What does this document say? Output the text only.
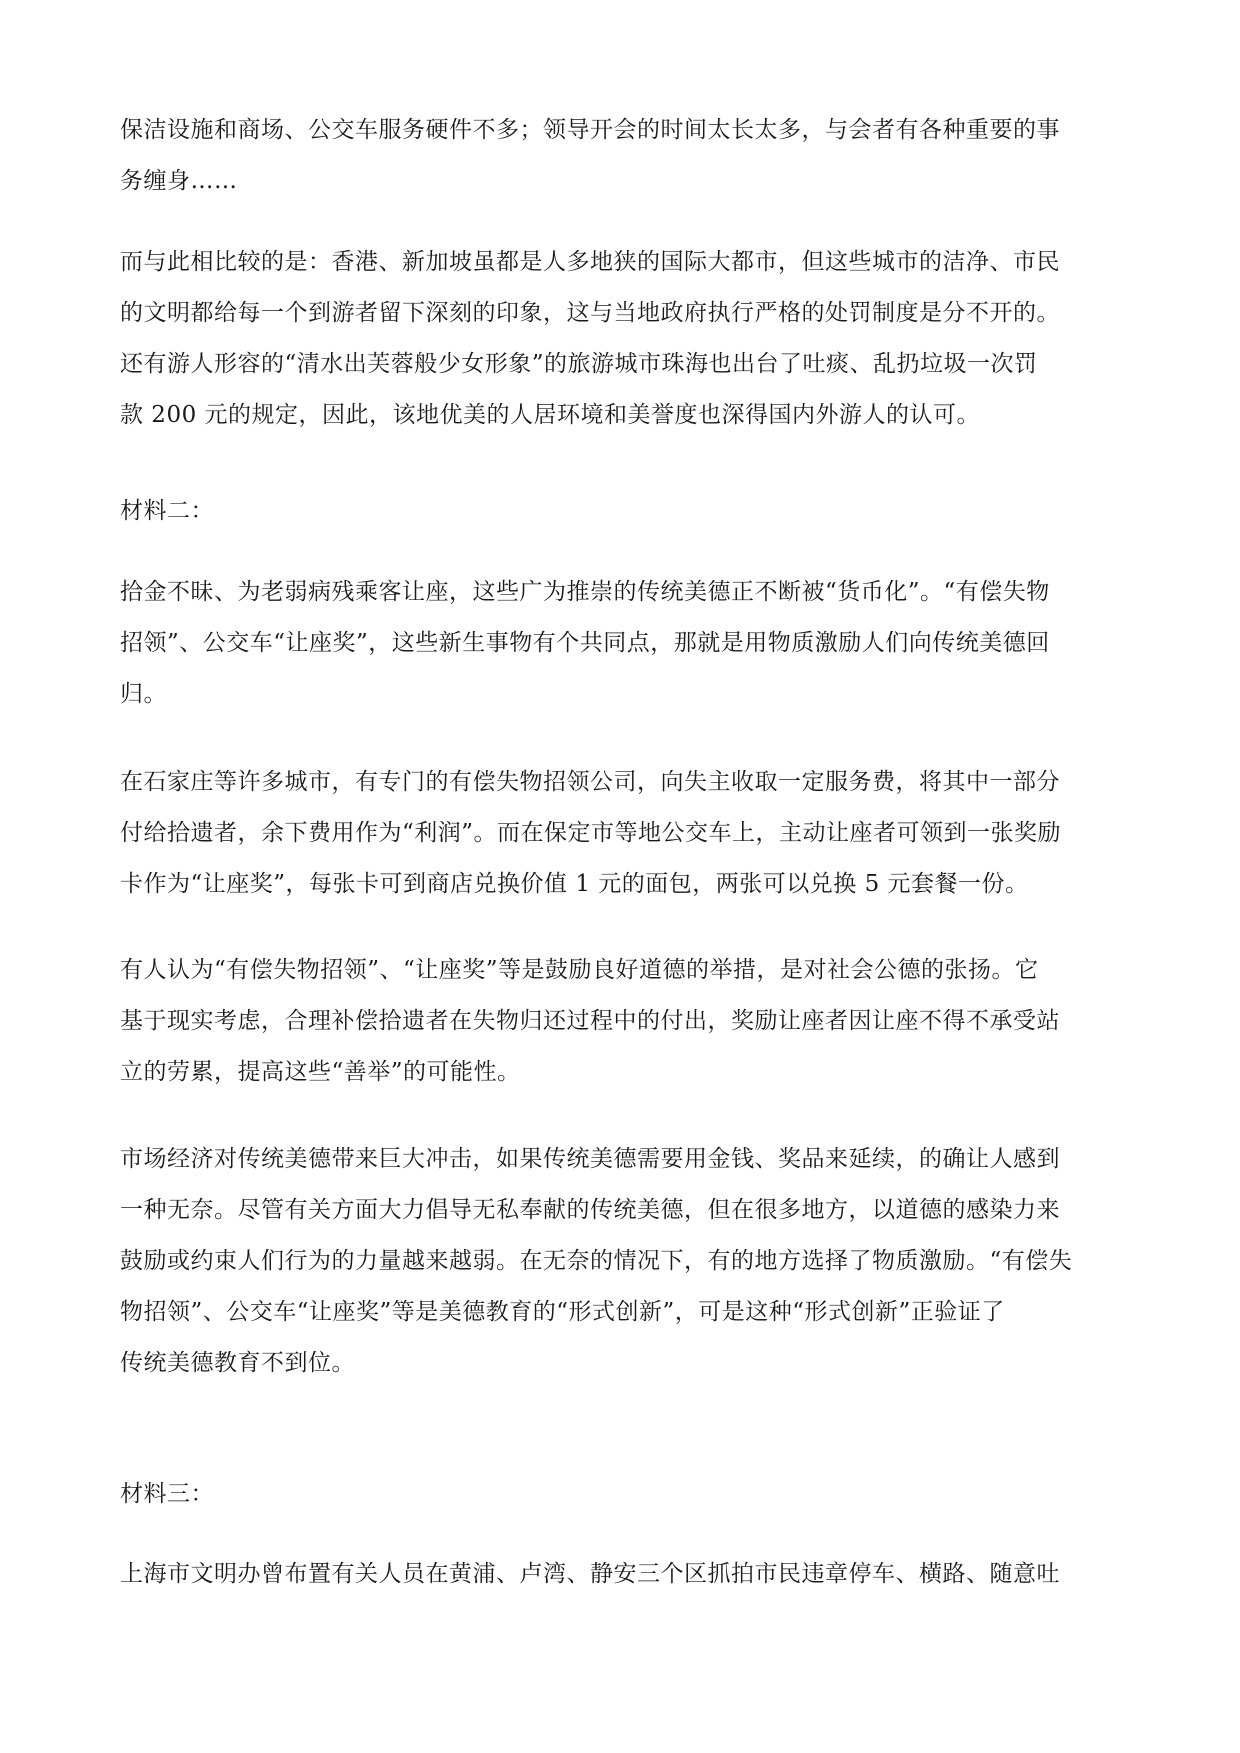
保洁设施和商场、公交车服务硬件不多；领导开会的时间太长太多，与会者有各种重要的事
务缠身……

而与此相比较的是：香港、新加坡虽都是人多地狭的国际大都市，但这些城市的洁净、市民
的文明都给每一个到游者留下深刻的印象，这与当地政府执行严格的处罚制度是分不开的。
还有游人形容的“清水出芙蓉般少女形象”的旅游城市珠海也出台了吐痰、乱扔垃圾一次罚
款 200 元的规定，因此，该地优美的人居环境和美誉度也深得国内外游人的认可。

材料二：

拾金不昧、为老弱病残乘客让座，这些广为推崇的传统美德正不断被“货币化”。“有偿失物
招领”、公交车“让座奖”，这些新生事物有个共同点，那就是用物质激励人们向传统美德回
归。

在石家庄等许多城市，有专门的有偿失物招领公司，向失主收取一定服务费，将其中一部分
付给拾遗者，余下费用作为“利润”。而在保定市等地公交车上，主动让座者可领到一张奖励
卡作为“让座奖”，每张卡可到商店兑换价值 1 元的面包，两张可以兑换 5 元套餐一份。

有人认为“有偿失物招领”、“让座奖”等是鼓励良好道德的举措，是对社会公德的张扬。它
基于现实考虑，合理补偿拾遗者在失物归还过程中的付出，奖励让座者因让座不得不承受站
立的劳累，提高这些“善举”的可能性。

市场经济对传统美德带来巨大冲击，如果传统美德需要用金钱、奖品来延续，的确让人感到
一种无奈。尽管有关方面大力倡导无私奉献的传统美德，但在很多地方，以道德的感染力来
鼓励或约束人们行为的力量越来越弱。在无奈的情况下，有的地方选择了物质激励。“有偿失
物招领”、公交车“让座奖”等是美德教育的“形式创新”，可是这种“形式创新”正验证了
传统美德教育不到位。

材料三：

上海市文明办曾布置有关人员在黄浦、卢湾、静安三个区抓拍市民违章停车、横路、随意吐
